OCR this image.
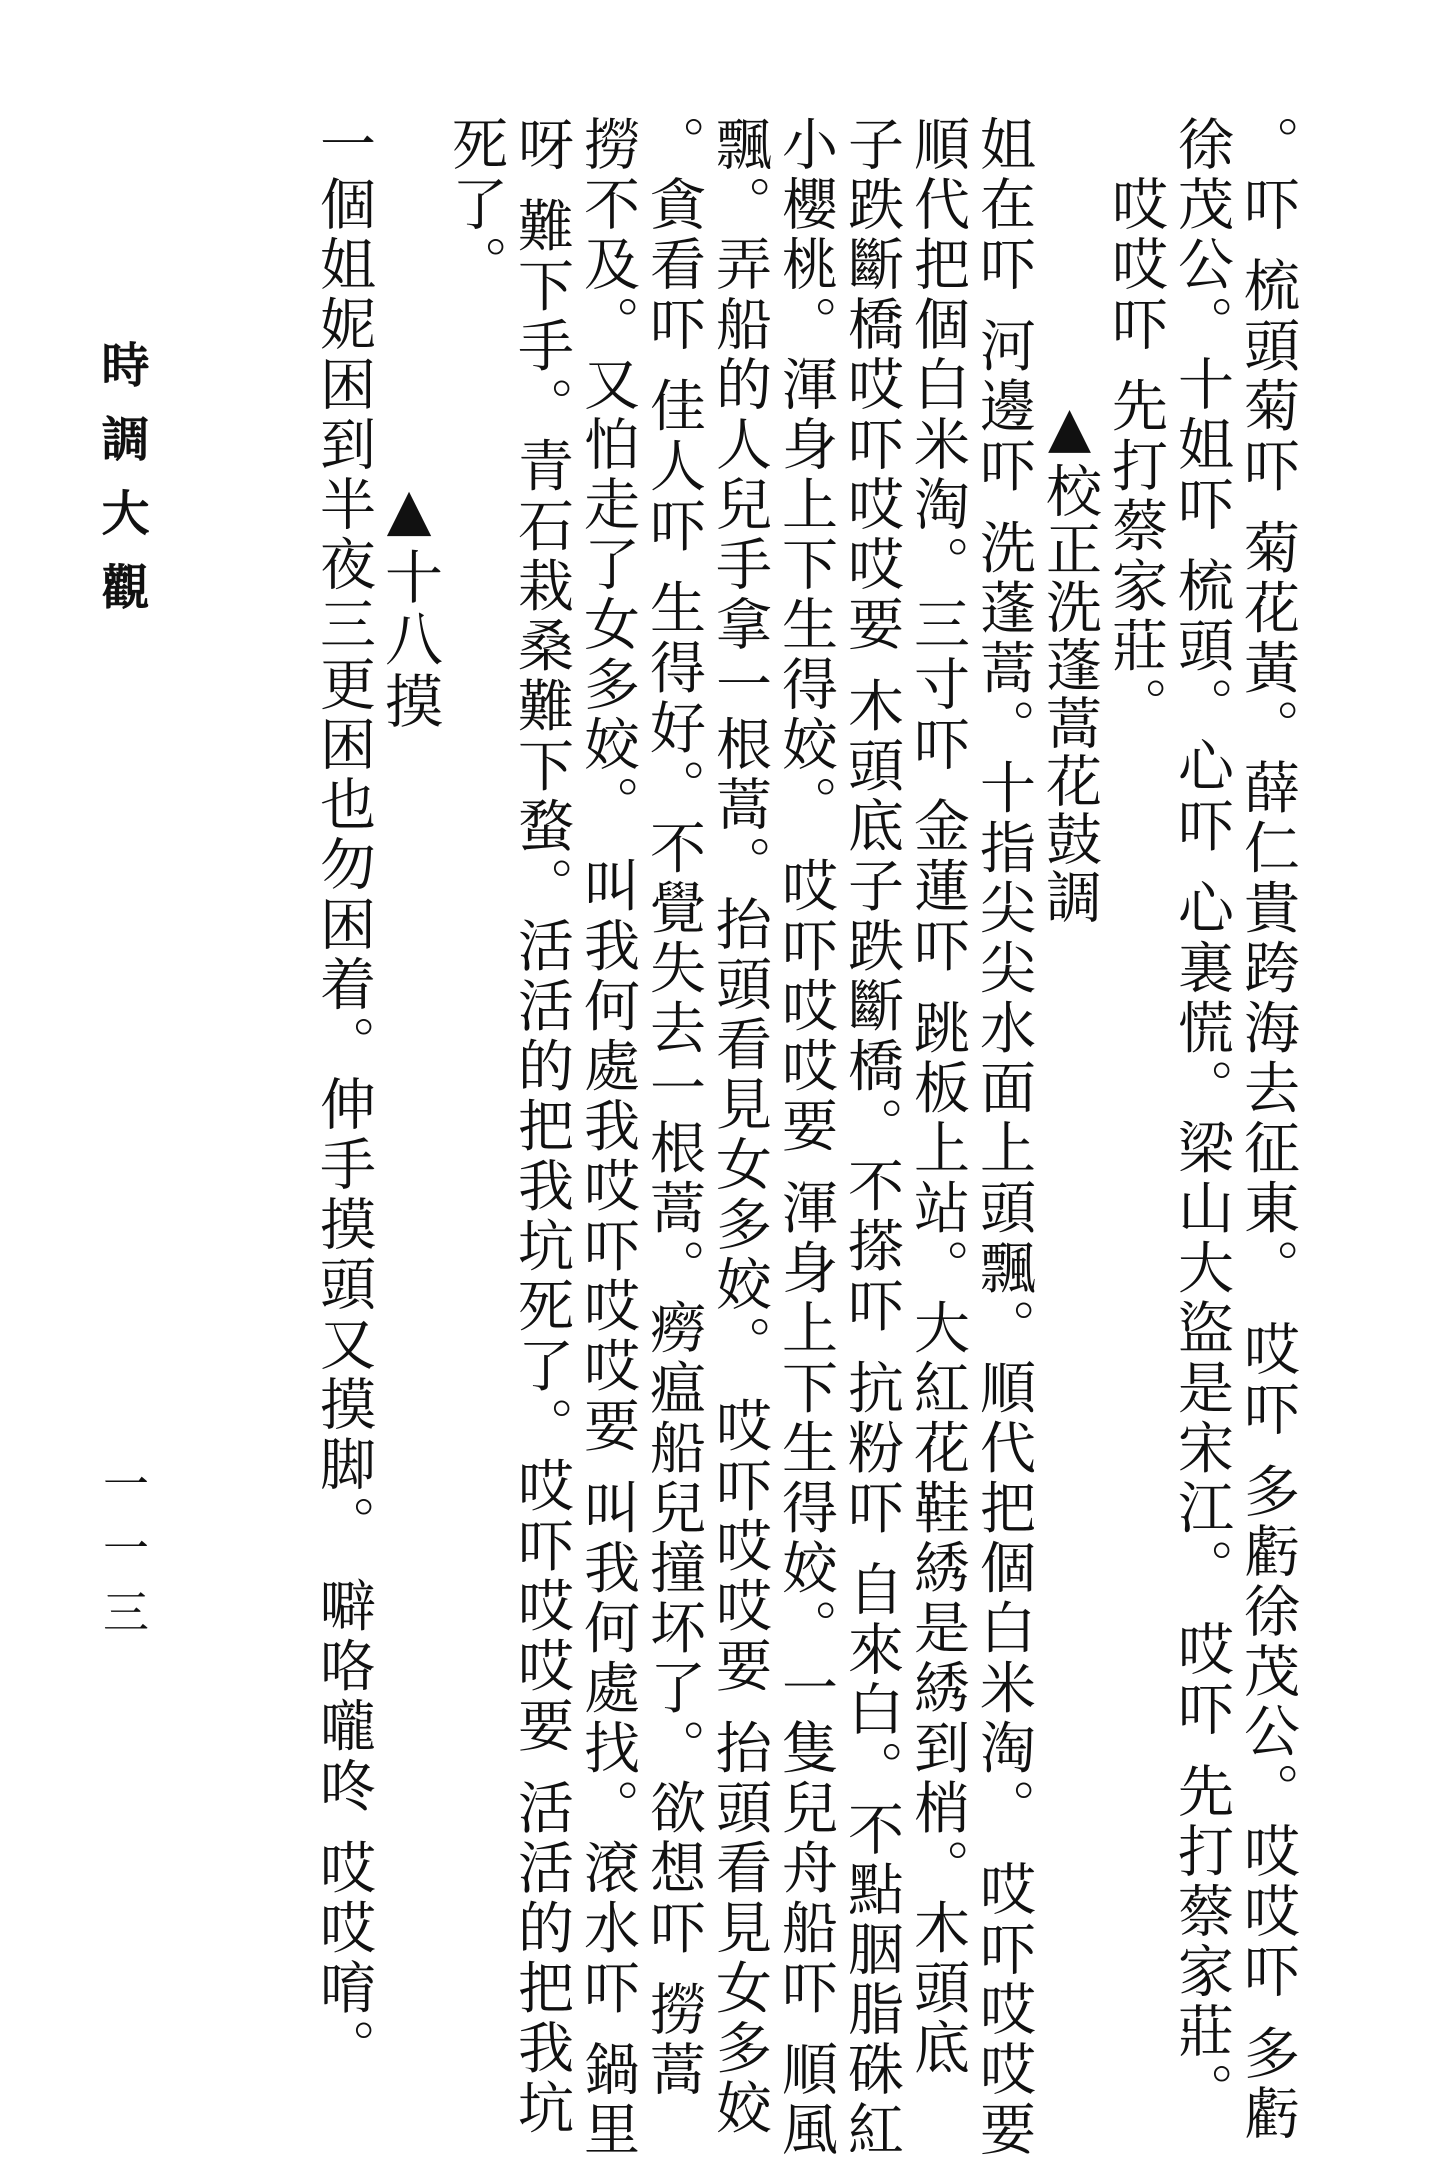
。吓 梳頭菊吓 菊花黃。薛仁貴跨海去征東。 哎吓 多虧徐茂公。哎哎吓 多虧
徐茂公。十姐吓 梳頭。心吓 心裏慌。梁山大盜是宋江。 哎吓 先打蔡家莊。
哎哎吓 先打蔡家莊。
▲校正洗蓬蒿花鼓調
姐在吓 河邊吓 洗蓬蒿。十指尖尖水面上頭飄。順代把個白米淘。 哎吓哎哎要
順代把個白米淘。三寸吓 金蓮吓 跳板上站。大紅花鞋綉是綉到梢。木頭底
子跌斷橋哎吓哎哎要 木頭底子跌斷橋。不搽吓 抗粉吓 自來白。不點胭脂硃紅
小櫻桃。渾身上下生得姣。 哎吓哎哎要 渾身上下生得姣。一隻兒舟船吓 順風
飄。弄船的人兒手拿一根蒿。抬頭看見女多姣。 哎吓哎哎要 抬頭看見女多姣
。貪看吓 佳人吓 生得好。不覺失去一根蒿。癆瘟船兒撞坏了。欲想吓 撈蒿
撈不及。又怕走了女多姣。 叫我何處我哎吓哎哎要 叫我何處找。滾水吓 鍋里
呀 難下手。青石栽桑難下蝥。活活的把我坑死了。哎吓哎哎要 活活的把我坑
死了。
▲十八摸
一個姐妮困到半夜三更困也勿困着。伸手摸頭又摸脚。 噼咯嚨咚 哎哎唷。
時調大觀
一一三
